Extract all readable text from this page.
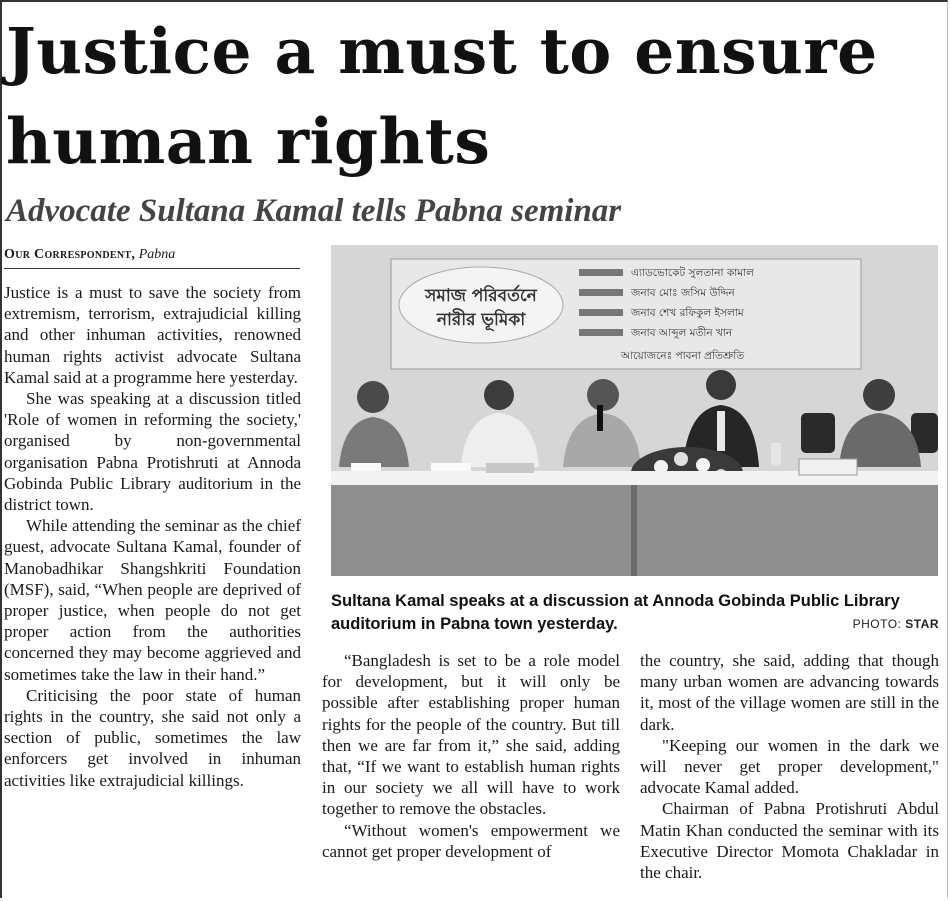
Justice a must to ensure human rights
Advocate Sultana Kamal tells Pabna seminar
Our Correspondent, Pabna

Justice is a must to save the society from extremism, terrorism, extrajudicial killing and other inhuman activities, renowned human rights activist advocate Sultana Kamal said at a programme here yesterday.

She was speaking at a discussion titled 'Role of women in reforming the society,' organised by non-governmental organisation Pabna Protishruti at Annoda Gobinda Public Library auditorium in the district town.

While attending the seminar as the chief guest, advocate Sultana Kamal, founder of Manobadhikar Shangshkriti Foundation (MSF), said, “When people are deprived of proper justice, when people do not get proper action from the authorities concerned they may become aggrieved and sometimes take the law in their hand.”

Criticising the poor state of human rights in the country, she said not only a section of public, sometimes the law enforcers get involved in inhuman activities like extrajudicial killings.

সমাজ পরিবর্তনে
নারীর ভূমিকা
এ্যাডভোকেট সুলতানা কামাল
জনাব মোঃ জসিম উদ্দিন
জনাব শেখ রফিকুল ইসলাম
জনাব আব্দুল মতীন খান
আয়োজনেঃ পাবনা প্রতিশ্রুতি
Sultana Kamal speaks at a discussion at Annoda Gobinda Public Library auditorium in Pabna town yesterday.	PHOTO: STAR

“Bangladesh is set to be a role model for development, but it will only be possible after establishing proper human rights for the people of the country. But till then we are far from it,” she said, adding that, “If we want to establish human rights in our society we all will have to work together to remove the obstacles.

“Without women's empowerment we cannot get proper development of

the country, she said, adding that though many urban women are advancing towards it, most of the village women are still in the dark.

"Keeping our women in the dark we will never get proper development," advocate Kamal added.

Chairman of Pabna Protishruti Abdul Matin Khan conducted the seminar with its Executive Director Momota Chakladar in the chair.
